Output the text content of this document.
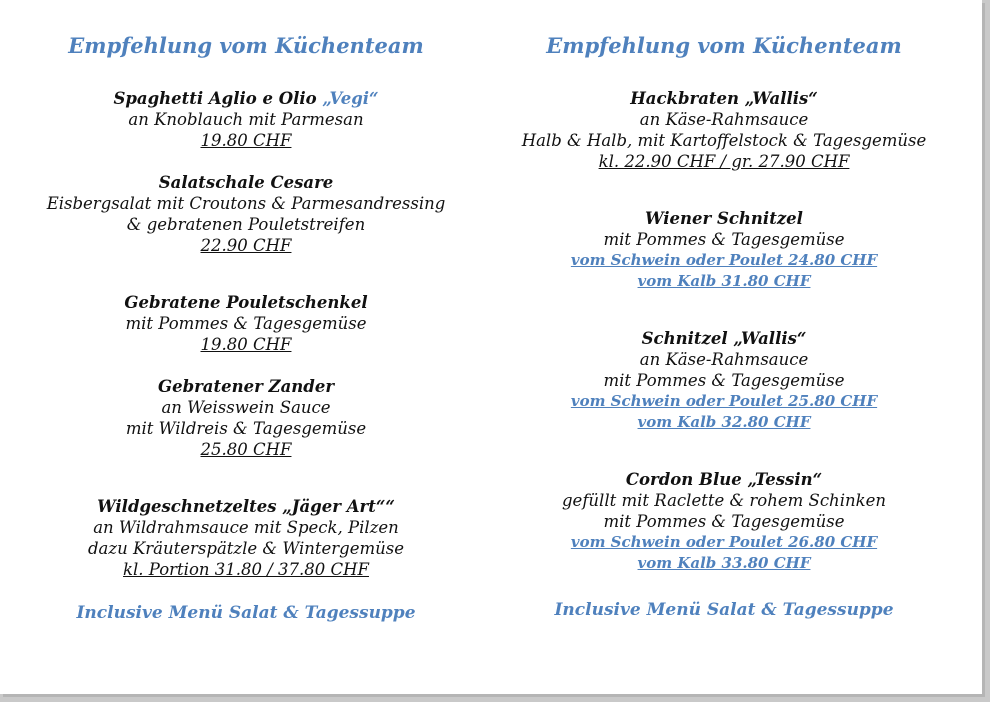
Empfehlung vom Küchenteam
Spaghetti Aglio e Olio „Vegi“
an Knoblauch mit Parmesan
19.80 CHF
Salatschale Cesare
Eisbergsalat mit Croutons & Parmesandressing
& gebratenen Pouletstreifen
22.90 CHF
Gebratene Pouletschenkel
mit Pommes & Tagesgemüse
19.80 CHF
Gebratener Zander
an Weisswein Sauce
mit Wildreis & Tagesgemüse
25.80 CHF
Wildgeschnetzeltes „Jäger Art““
an Wildrahmsauce mit Speck, Pilzen
dazu Kräuterspätzle & Wintergemüse
kl. Portion 31.80 / 37.80 CHF
Inclusive Menü Salat & Tagessuppe
Empfehlung vom Küchenteam
Hackbraten „Wallis“
an Käse-Rahmsauce
Halb & Halb, mit Kartoffelstock & Tagesgemüse
kl. 22.90 CHF / gr. 27.90 CHF
Wiener Schnitzel
mit Pommes & Tagesgemüse
vom Schwein oder Poulet 24.80 CHF
vom Kalb 31.80 CHF
Schnitzel „Wallis“
an Käse-Rahmsauce
mit Pommes & Tagesgemüse
vom Schwein oder Poulet 25.80 CHF
vom Kalb 32.80 CHF
Cordon Blue „Tessin“
gefüllt mit Raclette & rohem Schinken
mit Pommes & Tagesgemüse
vom Schwein oder Poulet 26.80 CHF
vom Kalb 33.80 CHF
Inclusive Menü Salat & Tagessuppe
